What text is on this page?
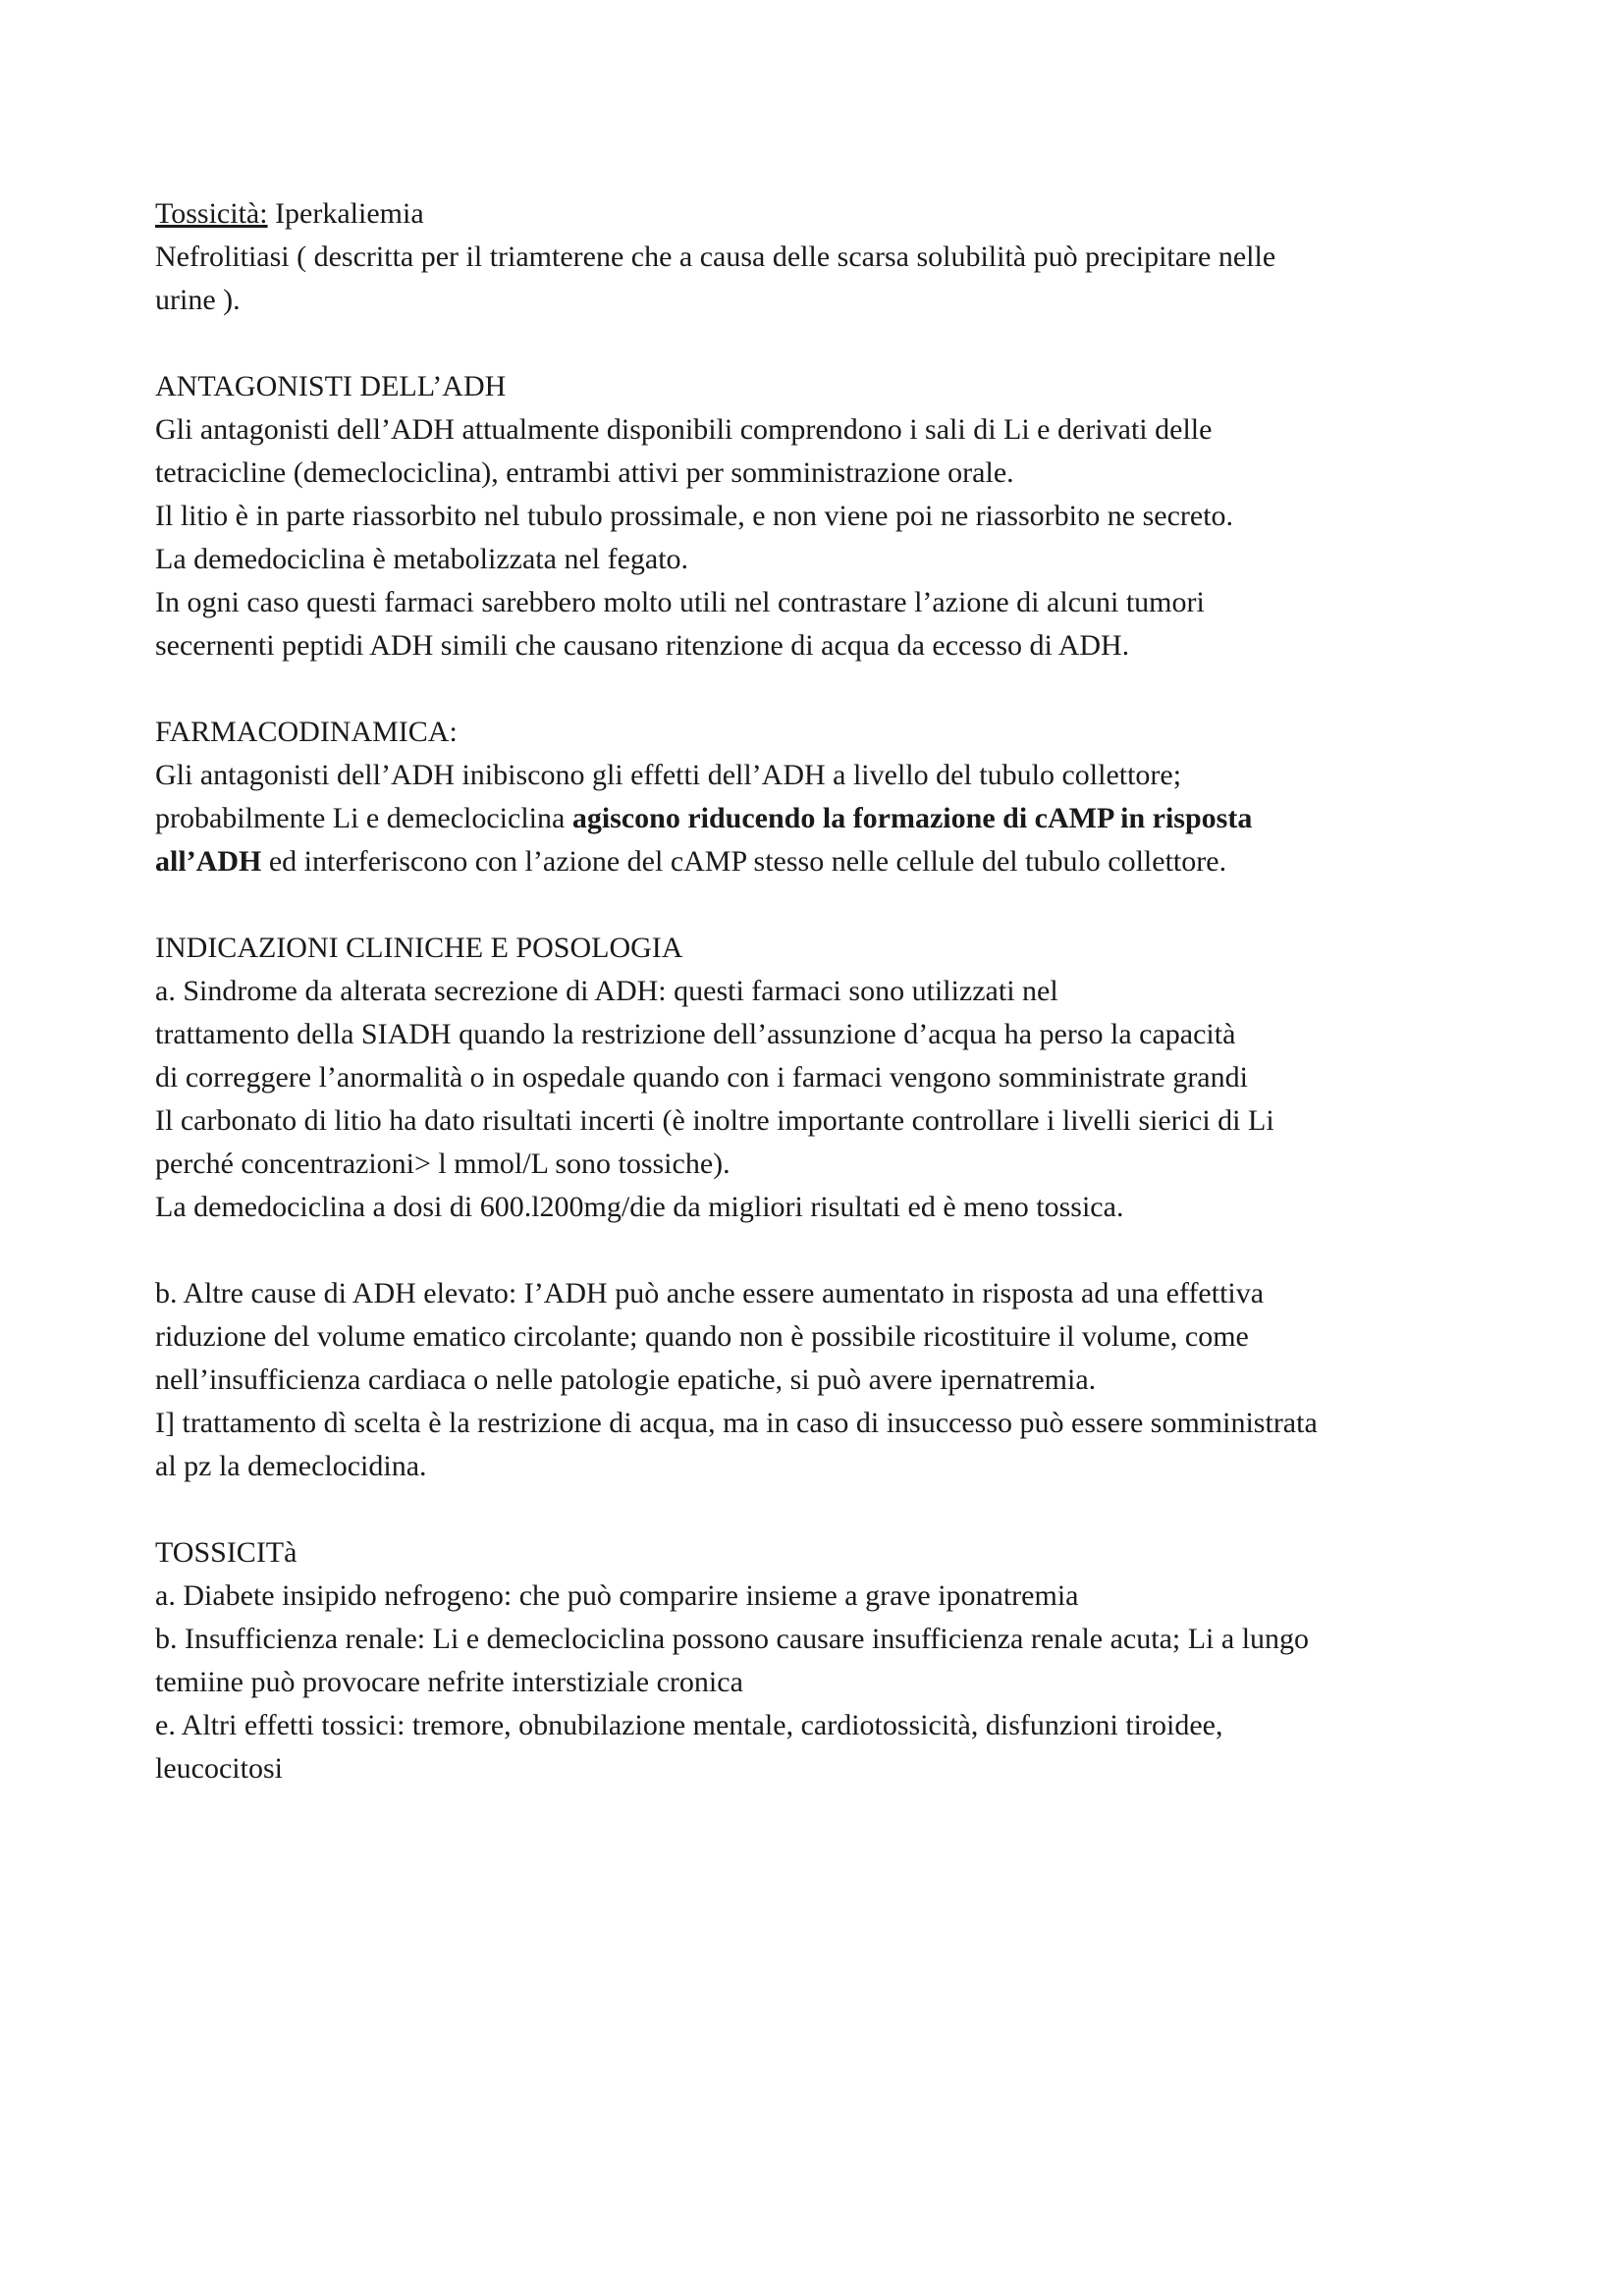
Tossicità: Iperkaliemia
Nefrolitiasi ( descritta per il triamterene che a causa delle scarsa solubilità può precipitare nelle
urine ).
ANTAGONISTI DELL’ADH
Gli antagonisti dell’ADH attualmente disponibili comprendono i sali di Li e derivati delle
tetracicline (demeclociclina), entrambi attivi per somministrazione orale.
Il litio è in parte riassorbito nel tubulo prossimale, e non viene poi ne riassorbito ne secreto.
La demedociclina è metabolizzata nel fegato.
In ogni caso questi farmaci sarebbero molto utili nel contrastare l’azione di alcuni tumori
secernenti peptidi ADH simili che causano ritenzione di acqua da eccesso di ADH.
FARMACODINAMICA:
Gli antagonisti dell’ADH inibiscono gli effetti dell’ADH a livello del tubulo collettore;
probabilmente Li e demeclociclina agiscono riducendo la formazione di cAMP in risposta
all’ADH ed interferiscono con l’azione del cAMP stesso nelle cellule del tubulo collettore.
INDICAZIONI CLINICHE E POSOLOGIA
a. Sindrome da alterata secrezione di ADH: questi farmaci sono utilizzati nel
trattamento della SIADH quando la restrizione dell’assunzione d’acqua ha perso la capacità
di correggere l’anormalità o in ospedale quando con i farmaci vengono somministrate grandi
Il carbonato di litio ha dato risultati incerti (è inoltre importante controllare i livelli sierici di Li
perché concentrazioni> l mmol/L sono tossiche).
La demedociclina a dosi di 600.l200mg/die da migliori risultati ed è meno tossica.
b. Altre cause di ADH elevato: I’ADH può anche essere aumentato in risposta ad una effettiva
riduzione del volume ematico circolante; quando non è possibile ricostituire il volume, come
nell’insufficienza cardiaca o nelle patologie epatiche, si può avere ipernatremia.
I] trattamento dì scelta è la restrizione di acqua, ma in caso di insuccesso può essere somministrata
al pz la demeclocidina.
TOSSICITà
a. Diabete insipido nefrogeno: che può comparire insieme a grave iponatremia
b. Insufficienza renale: Li e demeclociclina possono causare insufficienza renale acuta; Li a lungo
temiine può provocare nefrite interstiziale cronica
e. Altri effetti tossici: tremore, obnubilazione mentale, cardiotossicità, disfunzioni tiroidee,
leucocitosi
